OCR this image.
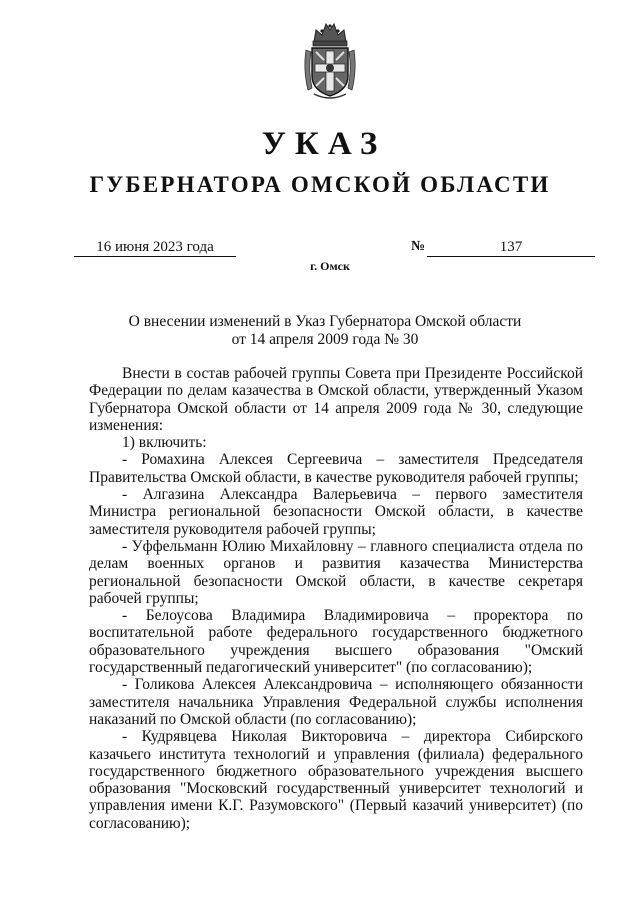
УКАЗ
ГУБЕРНАТОРА ОМСКОЙ ОБЛАСТИ
16 июня 2023 года	№	137
г. Омск
О внесении изменений в Указ Губернатора Омской области
от 14 апреля 2009 года № 30

Внести в состав рабочей группы Совета при Президенте Российской Федерации по делам казачества в Омской области, утвержденный Указом Губернатора Омской области от 14 апреля 2009 года № 30, следующие изменения:

1) включить:

- Ромахина Алексея Сергеевича – заместителя Председателя Правительства Омской области, в качестве руководителя рабочей группы;

- Алгазина Александра Валерьевича – первого заместителя Министра региональной безопасности Омской области, в качестве заместителя руководителя рабочей группы;

- Уффельманн Юлию Михайловну – главного специалиста отдела по делам военных органов и развития казачества Министерства региональной безопасности Омской области, в качестве секретаря рабочей группы;

- Белоусова Владимира Владимировича – проректора по воспитательной работе федерального государственного бюджетного образовательного учреждения высшего образования "Омский государственный педагогический университет" (по согласованию);

- Голикова Алексея Александровича – исполняющего обязанности заместителя начальника Управления Федеральной службы исполнения наказаний по Омской области (по согласованию);

- Кудрявцева Николая Викторовича – директора Сибирского казачьего института технологий и управления (филиала) федерального государственного бюджетного образовательного учреждения высшего образования "Московский государственный университет технологий и управления имени К.Г. Разумовского" (Первый казачий университет) (по согласованию);
